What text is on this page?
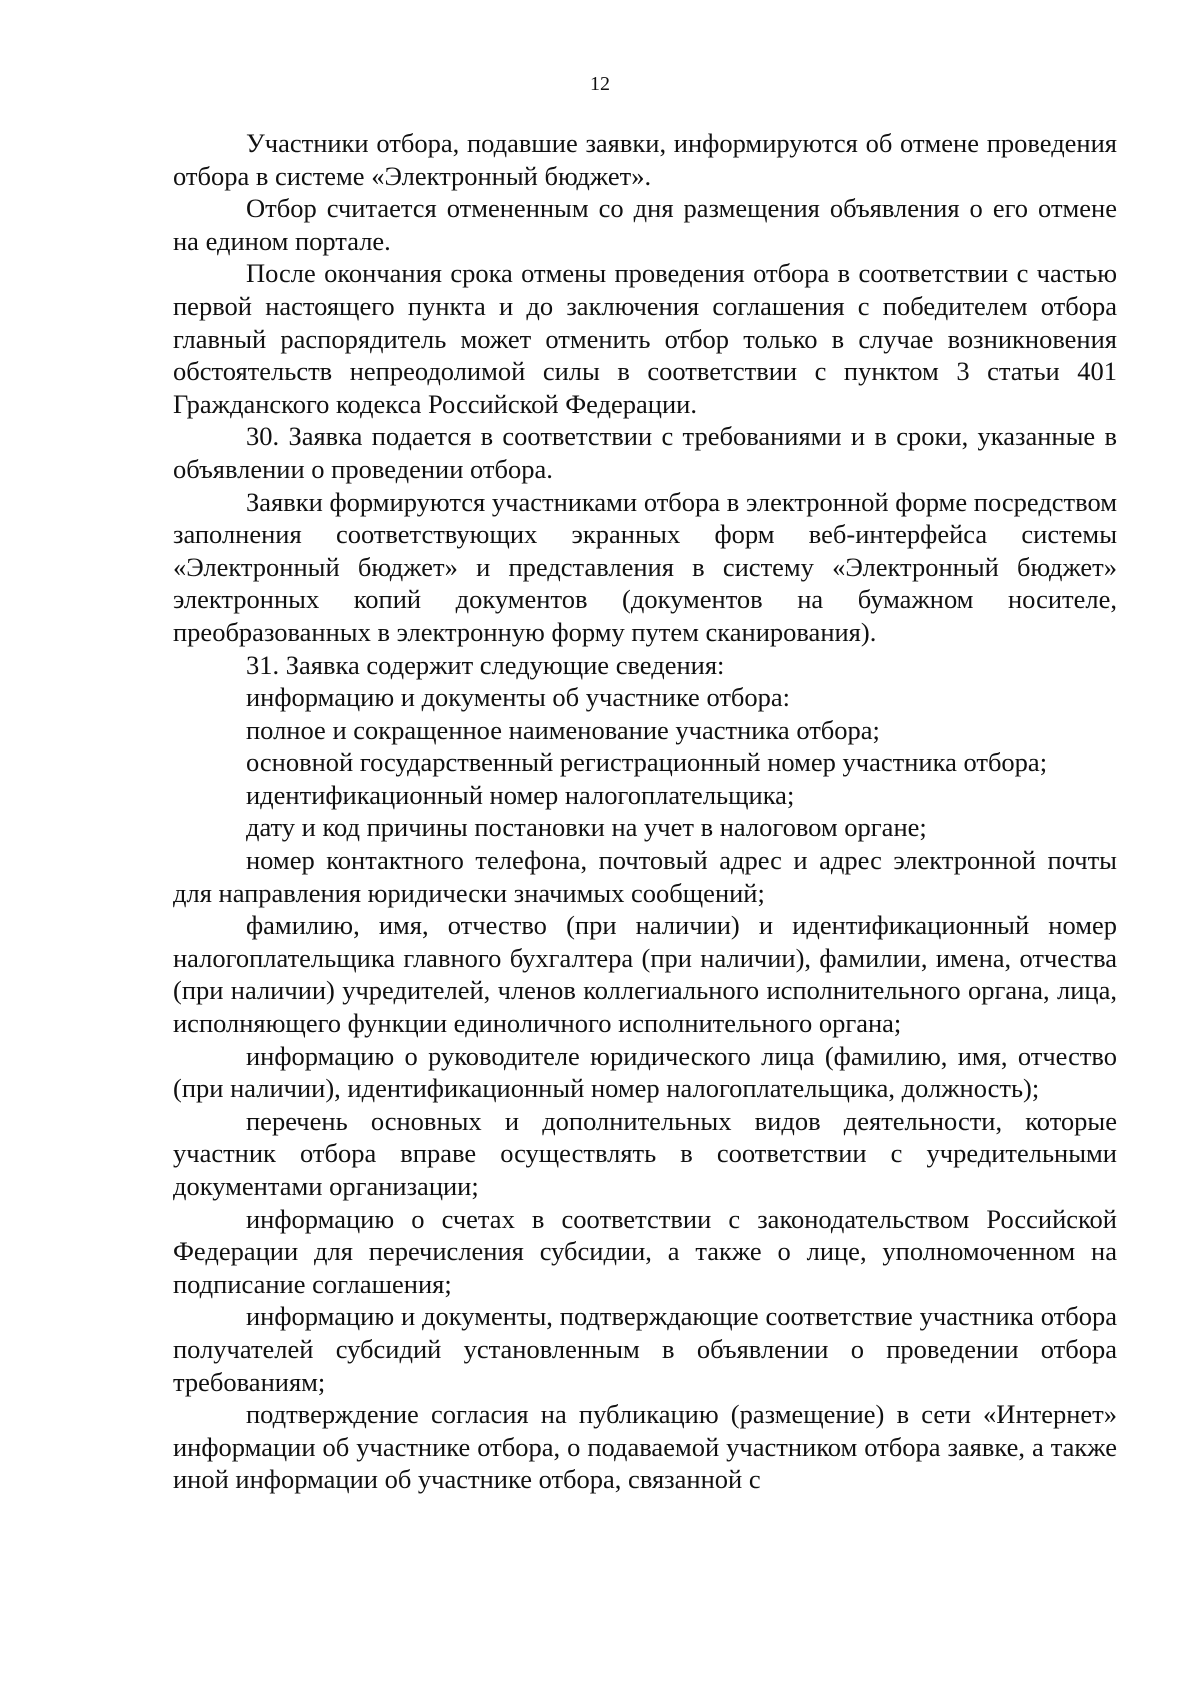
12

Участники отбора, подавшие заявки, информируются об отмене проведения отбора в системе «Электронный бюджет».

Отбор считается отмененным со дня размещения объявления о его отмене на едином портале.

После окончания срока отмены проведения отбора в соответствии с частью первой настоящего пункта и до заключения соглашения с победителем отбора главный распорядитель может отменить отбор только в случае возникновения обстоятельств непреодолимой силы в соответствии с пунктом 3 статьи 401 Гражданского кодекса Российской Федерации.

30. Заявка подается в соответствии с требованиями и в сроки, указанные в объявлении о проведении отбора.

Заявки формируются участниками отбора в электронной форме посредством заполнения соответствующих экранных форм веб-интерфейса системы «Электронный бюджет» и представления в систему «Электронный бюджет» электронных копий документов (документов на бумажном носителе, преобразованных в электронную форму путем сканирования).

31. Заявка содержит следующие сведения:

информацию и документы об участнике отбора:

полное и сокращенное наименование участника отбора;

основной государственный регистрационный номер участника отбора;

идентификационный номер налогоплательщика;

дату и код причины постановки на учет в налоговом органе;

номер контактного телефона, почтовый адрес и адрес электронной почты для направления юридически значимых сообщений;

фамилию, имя, отчество (при наличии) и идентификационный номер налогоплательщика главного бухгалтера (при наличии), фамилии, имена, отчества (при наличии) учредителей, членов коллегиального исполнительного органа, лица, исполняющего функции единоличного исполнительного органа;

информацию о руководителе юридического лица (фамилию, имя, отчество (при наличии), идентификационный номер налогоплательщика, должность);

перечень основных и дополнительных видов деятельности, которые участник отбора вправе осуществлять в соответствии с учредительными документами организации;

информацию о счетах в соответствии с законодательством Российской Федерации для перечисления субсидии, а также о лице, уполномоченном на подписание соглашения;

информацию и документы, подтверждающие соответствие участника отбора получателей субсидий установленным в объявлении о проведении отбора требованиям;

подтверждение согласия на публикацию (размещение) в сети «Интернет» информации об участнике отбора, о подаваемой участником отбора заявке, а также иной информации об участнике отбора, связанной с
